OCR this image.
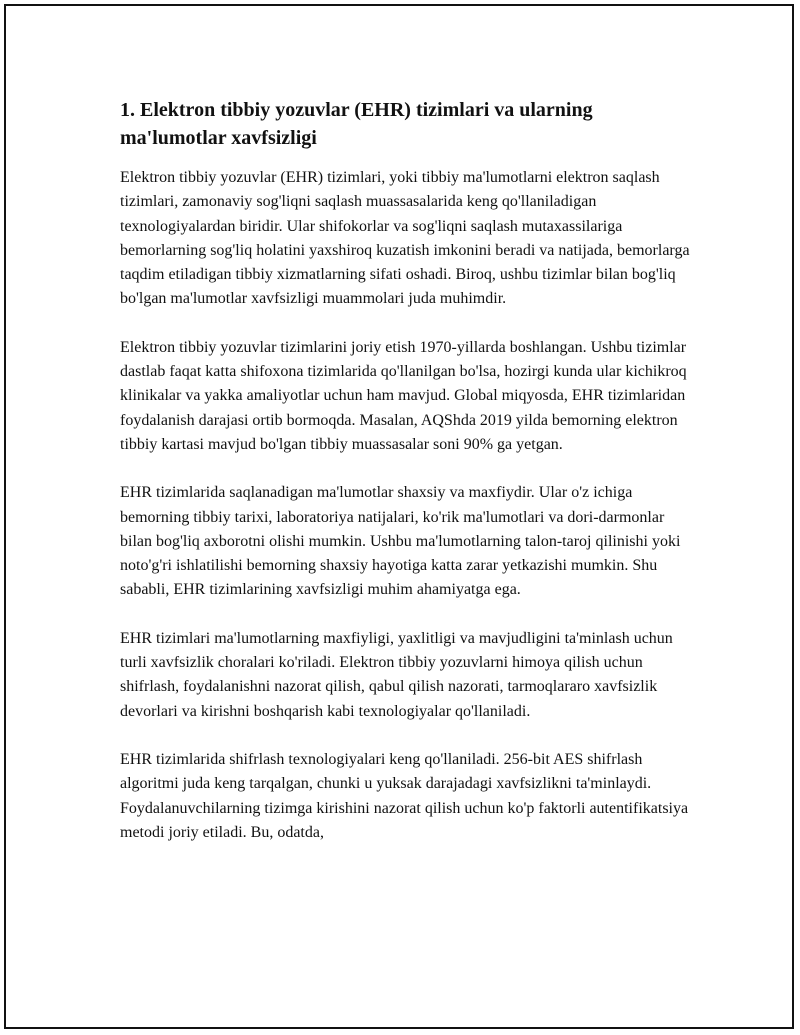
1. Elektron tibbiy yozuvlar (EHR) tizimlari va ularning ma'lumotlar xavfsizligi

Elektron tibbiy yozuvlar (EHR) tizimlari, yoki tibbiy ma'lumotlarni elektron saqlash tizimlari, zamonaviy sog'liqni saqlash muassasalarida keng qo'llaniladigan texnologiyalardan biridir. Ular shifokorlar va sog'liqni saqlash mutaxassilariga bemorlarning sog'liq holatini yaxshiroq kuzatish imkonini beradi va natijada, bemorlarga taqdim etiladigan tibbiy xizmatlarning sifati oshadi. Biroq, ushbu tizimlar bilan bog'liq bo'lgan ma'lumotlar xavfsizligi muammolari juda muhimdir.

Elektron tibbiy yozuvlar tizimlarini joriy etish 1970-yillarda boshlangan. Ushbu tizimlar dastlab faqat katta shifoxona tizimlarida qo'llanilgan bo'lsa, hozirgi kunda ular kichikroq klinikalar va yakka amaliyotlar uchun ham mavjud. Global miqyosda, EHR tizimlaridan foydalanish darajasi ortib bormoqda. Masalan, AQShda 2019 yilda bemorning elektron tibbiy kartasi mavjud bo'lgan tibbiy muassasalar soni 90% ga yetgan.

EHR tizimlarida saqlanadigan ma'lumotlar shaxsiy va maxfiydir. Ular o'z ichiga bemorning tibbiy tarixi, laboratoriya natijalari, ko'rik ma'lumotlari va dori-darmonlar bilan bog'liq axborotni olishi mumkin. Ushbu ma'lumotlarning talon-taroj qilinishi yoki noto'g'ri ishlatilishi bemorning shaxsiy hayotiga katta zarar yetkazishi mumkin. Shu sababli, EHR tizimlarining xavfsizligi muhim ahamiyatga ega.

EHR tizimlari ma'lumotlarning maxfiyligi, yaxlitligi va mavjudligini ta'minlash uchun turli xavfsizlik choralari ko'riladi. Elektron tibbiy yozuvlarni himoya qilish uchun shifrlash, foydalanishni nazorat qilish, qabul qilish nazorati, tarmoqlararo xavfsizlik devorlari va kirishni boshqarish kabi texnologiyalar qo'llaniladi.

EHR tizimlarida shifrlash texnologiyalari keng qo'llaniladi. 256-bit AES shifrlash algoritmi juda keng tarqalgan, chunki u yuksak darajadagi xavfsizlikni ta'minlaydi. Foydalanuvchilarning tizimga kirishini nazorat qilish uchun ko'p faktorli autentifikatsiya metodi joriy etiladi. Bu, odatda,
